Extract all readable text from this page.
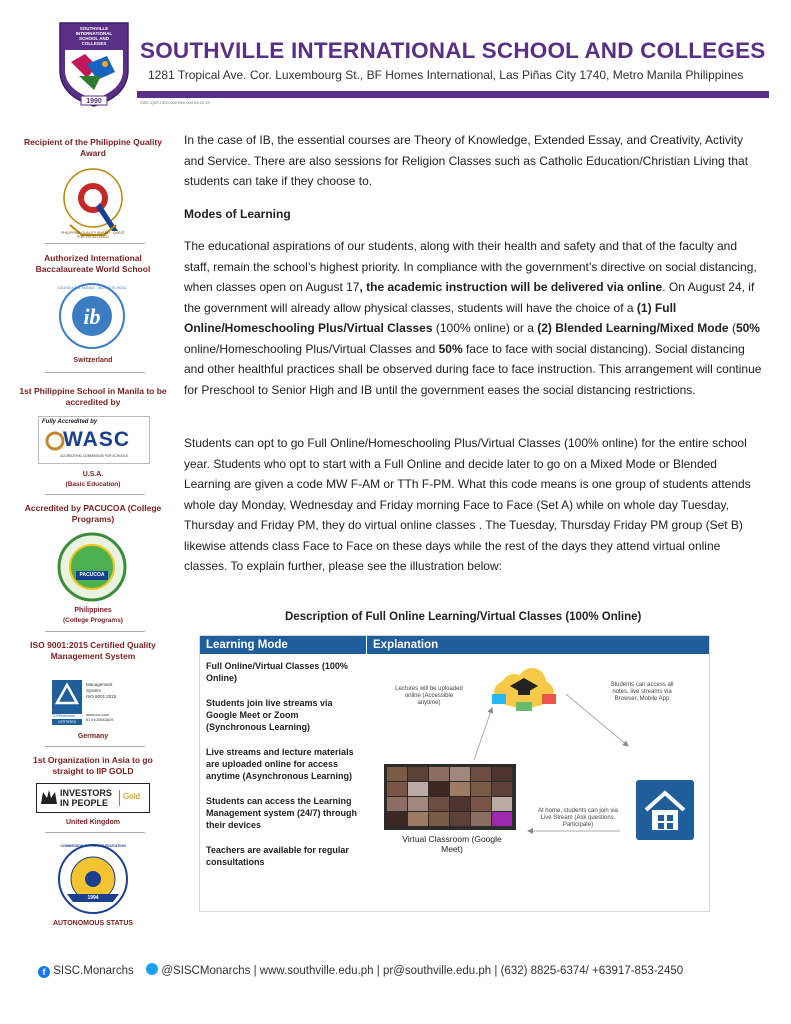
1990
SOUTHVILLE INTERNATIONAL SCHOOL AND COLLEGES	SOUTHVILLE INTERNATIONAL SCHOOL AND COLLEGES
1281 Tropical Ave. Cor. Luxembourg St., BF Homes International, Las Piñas City 1740, Metro Manila Philippines
SISC-QSF-CEO-002 Rev 004 03.20.19
Recipient of the Philippine Quality Award
PHILIPPINE QUALITY AWARD · QUEST FOR EXCELLENCE
Authorized International Baccalaureate World School
ib
COLEGIO DEL MUNDO · WORLD SCHOOL
Switzerland
1st Philippine School in Manila to be accredited by
Fully Accredited by
WASC
ACCREDITING COMMISSION FOR SCHOOLS
U.S.A.
(Basic Education)
Accredited by PACUCOA (College Programs)
PACUCOA
Philippines
(College Programs)
ISO 9001:2015 Certified Quality Management System
TÜVRheinland
CERTIFIED
Management
System
ISO 9001:2015
www.tuv.com
ID 9105083829
Germany
1st Organization in Asia to go straight to IIP GOLD
INVESTORS
IN PEOPLE
Gold
United Kingdom
COMMISSION ON HIGHER EDUCATION
1994
AUTONOMOUS STATUS

In the case of IB, the essential courses are Theory of Knowledge, Extended Essay, and Creativity, Activity and Service. There are also sessions for Religion Classes such as Catholic Education/Christian Living that students can take if they choose to.

Modes of Learning

The educational aspirations of our students, along with their health and safety and that of the faculty and staff, remain the school’s highest priority. In compliance with the government’s directive on social distancing, when classes open on August 17, the academic instruction will be delivered via online. On August 24, if the government will already allow physical classes, students will have the choice of a (1) Full Online/Homeschooling Plus/Virtual Classes (100% online) or a (2) Blended Learning/Mixed Mode (50% online/Homeschooling Plus/Virtual Classes and 50% face to face with social distancing). Social distancing and other healthful practices shall be observed during face to face instruction. This arrangement will continue for Preschool to Senior High and IB until the government eases the social distancing restrictions.

Students can opt to go Full Online/Homeschooling Plus/Virtual Classes (100% online) for the entire school year. Students who opt to start with a Full Online and decide later to go on a Mixed Mode or Blended Learning are given a code MW F-AM or TTh F-PM. What this code means is one group of students attends whole day Monday, Wednesday and Friday morning Face to Face (Set A) while on whole day Tuesday, Thursday and Friday PM, they do virtual online classes . The Tuesday, Thursday Friday PM group (Set B) likewise attends class Face to Face on these days while the rest of the days they attend virtual online classes. To explain further, please see the illustration below:

Description of Full Online Learning/Virtual Classes (100% Online)
Learning Mode
Full Online/Virtual Classes (100% Online)
Students join live streams via Google Meet or Zoom (Synchronous Learning)
Live streams and lecture materials are uploaded online for access anytime (Asynchronous Learning)
Students can access the Learning Management system (24/7) through their devices
Teachers are available for regular consultations
Explanation
Lectures will be uploaded online (Accessible anytime)
Students can access all notes, live streams via Browser, Mobile App
At home, students can join via Live Stream (Ask questions, Participate)
Virtual Classroom (Google Meet)
f SISC.Monarchs @SISCMonarchs | www.southville.edu.ph | pr@southville.edu.ph | (632) 8825-6374/ +63917-853-2450
